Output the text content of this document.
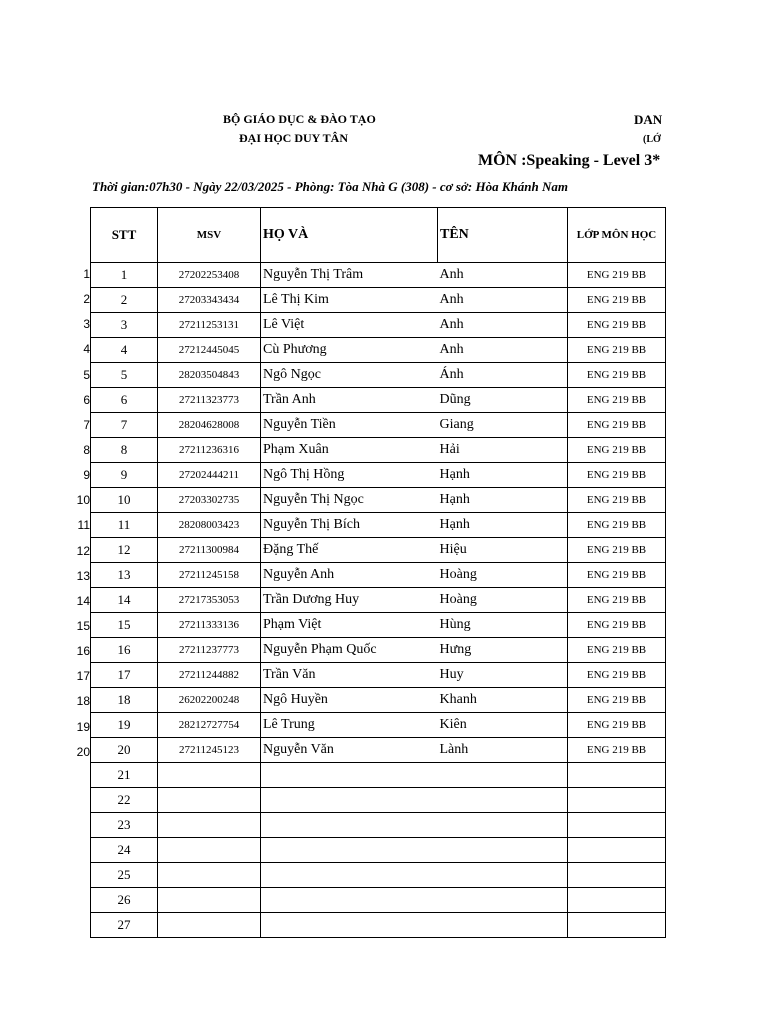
BỘ GIÁO DỤC & ĐÀO TẠO
ĐẠI HỌC DUY TÂN
DAN
(LỚ
MÔN :Speaking - Level 3*
Thời gian:07h30 - Ngày 22/03/2025 - Phòng: Tòa Nhà G (308) - cơ sở: Hòa Khánh Nam
1
2
3
4
5
6
7
8
9
10
11
12
13
14
15
16
17
18
19
20
STT	MSV	HỌ VÀ	TÊN	LỚP MÔN HỌC
1	27202253408	Nguyễn Thị Trâm	Anh	ENG 219 BB
2	27203343434	Lê Thị Kim	Anh	ENG 219 BB
3	27211253131	Lê Việt	Anh	ENG 219 BB
4	27212445045	Cù Phương	Anh	ENG 219 BB
5	28203504843	Ngô Ngọc	Ánh	ENG 219 BB
6	27211323773	Trần Anh	Dũng	ENG 219 BB
7	28204628008	Nguyễn Tiền	Giang	ENG 219 BB
8	27211236316	Phạm Xuân	Hải	ENG 219 BB
9	27202444211	Ngô Thị Hồng	Hạnh	ENG 219 BB
10	27203302735	Nguyễn Thị Ngọc	Hạnh	ENG 219 BB
11	28208003423	Nguyễn Thị Bích	Hạnh	ENG 219 BB
12	27211300984	Đặng Thế	Hiệu	ENG 219 BB
13	27211245158	Nguyễn Anh	Hoàng	ENG 219 BB
14	27217353053	Trần Dương Huy	Hoàng	ENG 219 BB
15	27211333136	Phạm Việt	Hùng	ENG 219 BB
16	27211237773	Nguyễn Phạm Quốc	Hưng	ENG 219 BB
17	27211244882	Trần Văn	Huy	ENG 219 BB
18	26202200248	Ngô Huyền	Khanh	ENG 219 BB
19	28212727754	Lê Trung	Kiên	ENG 219 BB
20	27211245123	Nguyễn Văn	Lành	ENG 219 BB
21				
22				
23				
24				
25				
26				
27				
